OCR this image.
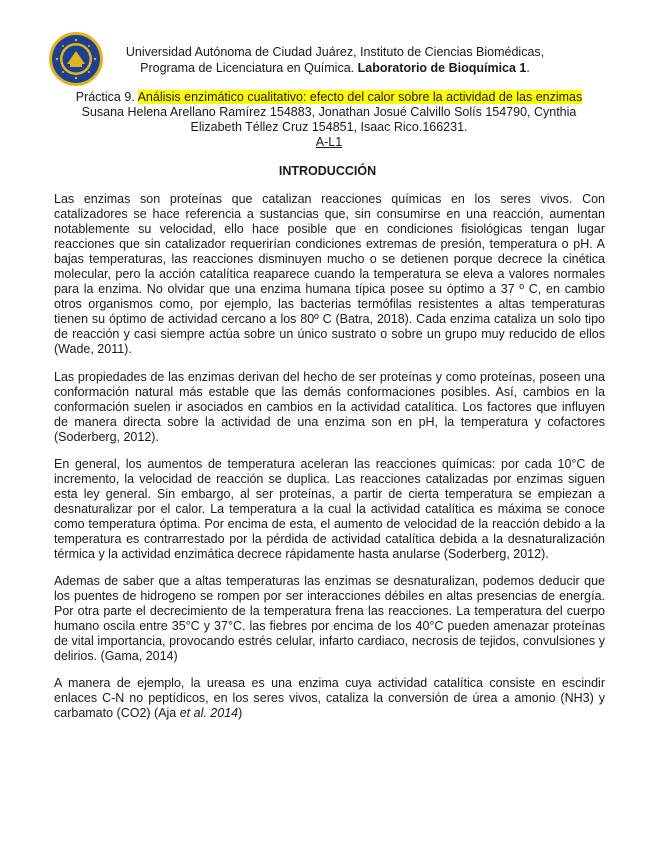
Universidad Autónoma de Ciudad Juárez, Instituto de Ciencias Biomédicas,
Programa de Licenciatura en Química. Laboratorio de Bioquímica 1.
Práctica 9. Análisis enzimático cualitativo: efecto del calor sobre la actividad de las enzimas
Susana Helena Arellano Ramírez 154883, Jonathan Josué Calvillo Solís 154790, Cynthia Elizabeth Téllez Cruz 154851, Isaac Rico.166231.
A-L1
INTRODUCCIÓN

Las enzimas son proteínas que catalizan reacciones químicas en los seres vivos. Con catalizadores se hace referencia a sustancias que, sin consumirse en una reacción, aumentan notablemente su velocidad, ello hace posible que en condiciones fisiológicas tengan lugar reacciones que sin catalizador requerirían condiciones extremas de presión, temperatura o pH. A bajas temperaturas, las reacciones disminuyen mucho o se detienen porque decrece la cinética molecular, pero la acción catalítica reaparece cuando la temperatura se eleva a valores normales para la enzima. No olvidar que una enzima humana típica posee su óptimo a 37 º C, en cambio otros organismos como, por ejemplo, las bacterias termófilas resistentes a altas temperaturas tienen su óptimo de actividad cercano a los 80º C (Batra, 2018). Cada enzima cataliza un solo tipo de reacción y casi siempre actúa sobre un único sustrato o sobre un grupo muy reducido de ellos (Wade, 2011).

Las propiedades de las enzimas derivan del hecho de ser proteínas y como proteínas, poseen una conformación natural más estable que las demás conformaciones posibles. Así, cambios en la conformación suelen ir asociados en cambios en la actividad catalítica. Los factores que influyen de manera directa sobre la actividad de una enzima son en pH, la temperatura y cofactores (Soderberg, 2012).

En general, los aumentos de temperatura aceleran las reacciones químicas: por cada 10°C de incremento, la velocidad de reacción se duplica. Las reacciones catalizadas por enzimas siguen esta ley general. Sin embargo, al ser proteínas, a partir de cierta temperatura se empiezan a desnaturalizar por el calor. La temperatura a la cual la actividad catalítica es máxima se conoce como temperatura óptima. Por encima de esta, el aumento de velocidad de la reacción debido a la temperatura es contrarrestado por la pérdida de actividad catalítica debida a la desnaturalización térmica y la actividad enzimática decrece rápidamente hasta anularse (Soderberg, 2012).

Ademas de saber que a altas temperaturas las enzimas se desnaturalizan, podemos deducir que los puentes de hidrogeno se rompen por ser interacciones débiles en altas presencias de energía. Por otra parte el decrecimiento de la temperatura frena las reacciones. La temperatura del cuerpo humano oscila entre 35°C y 37°C. las fiebres por encima de los 40°C pueden amenazar proteínas de vital importancia, provocando estrés celular, infarto cardiaco, necrosis de tejidos, convulsiones y delirios. (Gama, 2014)

A manera de ejemplo, la ureasa es una enzima cuya actividad catalítica consiste en escindir enlaces C-N no peptídicos, en los seres vivos, cataliza la conversión de úrea a amonio (NH3) y carbamato (CO2) (Aja et al. 2014)
